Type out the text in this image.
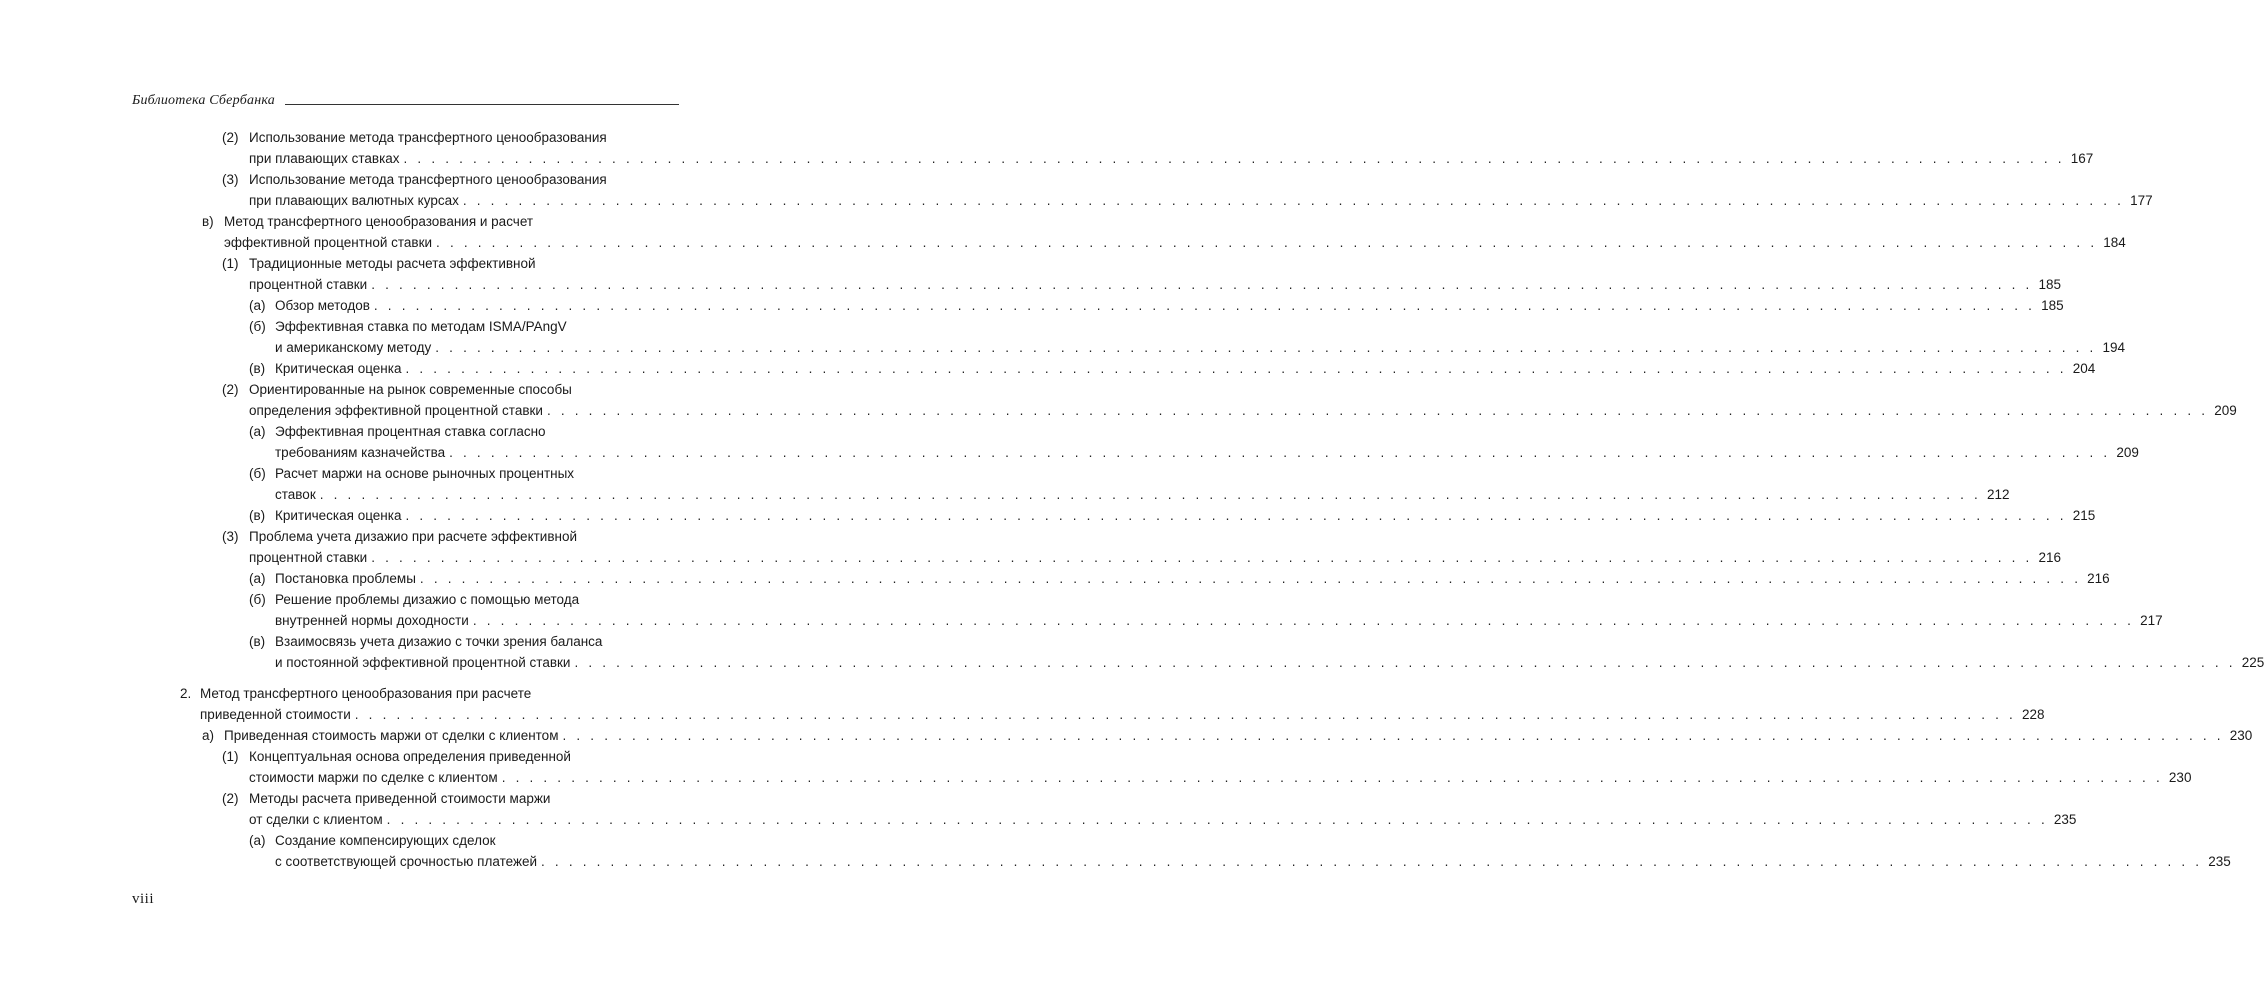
Библиотека Сбербанка
(2) Использование метода трансфертного ценообразования
при плавающих ставках . . . . . . . . . . . . . . . . . . . . . . . . . . . . . . . . . . . . . . . . . . . . . . . . . . . . . . . . . . . . . . . . . . . . . . . . . . . . . . . . . . . . . . . . . . . . . . . . . . . . . . . . . . . . . . . . . . . . . . . . 167
(3) Использование метода трансфертного ценообразования
при плавающих валютных курсах . . . . . . . . . . . . . . . . . . . . . . . . . . . . . . . . . . . . . . . . . . . . . . . . . . . . . . . . . . . . . . . . . . . . . . . . . . . . . . . . . . . . . . . . . . . . . . . . . . . . . . . . . . . . . . . . . . . . . . . . 177
в) Метод трансфертного ценообразования и расчет
эффективной процентной ставки . . . . . . . . . . . . . . . . . . . . . . . . . . . . . . . . . . . . . . . . . . . . . . . . . . . . . . . . . . . . . . . . . . . . . . . . . . . . . . . . . . . . . . . . . . . . . . . . . . . . . . . . . . . . . . . . . . . . . . . . 184
(1) Традиционные методы расчета эффективной
процентной ставки . . . . . . . . . . . . . . . . . . . . . . . . . . . . . . . . . . . . . . . . . . . . . . . . . . . . . . . . . . . . . . . . . . . . . . . . . . . . . . . . . . . . . . . . . . . . . . . . . . . . . . . . . . . . . . . . . . . . . . . . 185
(а) Обзор методов . . . . . . . . . . . . . . . . . . . . . . . . . . . . . . . . . . . . . . . . . . . . . . . . . . . . . . . . . . . . . . . . . . . . . . . . . . . . . . . . . . . . . . . . . . . . . . . . . . . . . . . . . . . . . . . . . . . . . . . . 185
(б) Эффективная ставка по методам ISMA/PAngV
и американскому методу . . . . . . . . . . . . . . . . . . . . . . . . . . . . . . . . . . . . . . . . . . . . . . . . . . . . . . . . . . . . . . . . . . . . . . . . . . . . . . . . . . . . . . . . . . . . . . . . . . . . . . . . . . . . . . . . . . . . . . . . 194
(в) Критическая оценка . . . . . . . . . . . . . . . . . . . . . . . . . . . . . . . . . . . . . . . . . . . . . . . . . . . . . . . . . . . . . . . . . . . . . . . . . . . . . . . . . . . . . . . . . . . . . . . . . . . . . . . . . . . . . . . . . . . . . . . . 204
(2) Ориентированные на рынок современные способы
определения эффективной процентной ставки . . . . . . . . . . . . . . . . . . . . . . . . . . . . . . . . . . . . . . . . . . . . . . . . . . . . . . . . . . . . . . . . . . . . . . . . . . . . . . . . . . . . . . . . . . . . . . . . . . . . . . . . . . . . . . . . . . . . . . . . 209
(а) Эффективная процентная ставка согласно
требованиям казначейства . . . . . . . . . . . . . . . . . . . . . . . . . . . . . . . . . . . . . . . . . . . . . . . . . . . . . . . . . . . . . . . . . . . . . . . . . . . . . . . . . . . . . . . . . . . . . . . . . . . . . . . . . . . . . . . . . . . . . . . . 209
(б) Расчет маржи на основе рыночных процентных
ставок . . . . . . . . . . . . . . . . . . . . . . . . . . . . . . . . . . . . . . . . . . . . . . . . . . . . . . . . . . . . . . . . . . . . . . . . . . . . . . . . . . . . . . . . . . . . . . . . . . . . . . . . . . . . . . . . . . . . . . . . 212
(в) Критическая оценка . . . . . . . . . . . . . . . . . . . . . . . . . . . . . . . . . . . . . . . . . . . . . . . . . . . . . . . . . . . . . . . . . . . . . . . . . . . . . . . . . . . . . . . . . . . . . . . . . . . . . . . . . . . . . . . . . . . . . . . . 215
(3) Проблема учета дизажио при расчете эффективной
процентной ставки . . . . . . . . . . . . . . . . . . . . . . . . . . . . . . . . . . . . . . . . . . . . . . . . . . . . . . . . . . . . . . . . . . . . . . . . . . . . . . . . . . . . . . . . . . . . . . . . . . . . . . . . . . . . . . . . . . . . . . . . 216
(а) Постановка проблемы . . . . . . . . . . . . . . . . . . . . . . . . . . . . . . . . . . . . . . . . . . . . . . . . . . . . . . . . . . . . . . . . . . . . . . . . . . . . . . . . . . . . . . . . . . . . . . . . . . . . . . . . . . . . . . . . . . . . . . . . 216
(б) Решение проблемы дизажио с помощью метода
внутренней нормы доходности . . . . . . . . . . . . . . . . . . . . . . . . . . . . . . . . . . . . . . . . . . . . . . . . . . . . . . . . . . . . . . . . . . . . . . . . . . . . . . . . . . . . . . . . . . . . . . . . . . . . . . . . . . . . . . . . . . . . . . . . 217
(в) Взаимосвязь учета дизажио с точки зрения баланса
и постоянной эффективной процентной ставки . . . . . . . . . . . . . . . . . . . . . . . . . . . . . . . . . . . . . . . . . . . . . . . . . . . . . . . . . . . . . . . . . . . . . . . . . . . . . . . . . . . . . . . . . . . . . . . . . . . . . . . . . . . . . . . . . . . . . . . . 225
2. Метод трансфертного ценообразования при расчете
приведенной стоимости . . . . . . . . . . . . . . . . . . . . . . . . . . . . . . . . . . . . . . . . . . . . . . . . . . . . . . . . . . . . . . . . . . . . . . . . . . . . . . . . . . . . . . . . . . . . . . . . . . . . . . . . . . . . . . . . . . . . . . . . 228
а) Приведенная стоимость маржи от сделки с клиентом . . . . . . . . . . . . . . . . . . . . . . . . . . . . . . . . . . . . . . . . . . . . . . . . . . . . . . . . . . . . . . . . . . . . . . . . . . . . . . . . . . . . . . . . . . . . . . . . . . . . . . . . . . . . . . . . . . . . . . . . 230
(1) Концептуальная основа определения приведенной
стоимости маржи по сделке с клиентом . . . . . . . . . . . . . . . . . . . . . . . . . . . . . . . . . . . . . . . . . . . . . . . . . . . . . . . . . . . . . . . . . . . . . . . . . . . . . . . . . . . . . . . . . . . . . . . . . . . . . . . . . . . . . . . . . . . . . . . . 230
(2) Методы расчета приведенной стоимости маржи
от сделки с клиентом . . . . . . . . . . . . . . . . . . . . . . . . . . . . . . . . . . . . . . . . . . . . . . . . . . . . . . . . . . . . . . . . . . . . . . . . . . . . . . . . . . . . . . . . . . . . . . . . . . . . . . . . . . . . . . . . . . . . . . . . 235
(а) Создание компенсирующих сделок
с соответствующей срочностью платежей . . . . . . . . . . . . . . . . . . . . . . . . . . . . . . . . . . . . . . . . . . . . . . . . . . . . . . . . . . . . . . . . . . . . . . . . . . . . . . . . . . . . . . . . . . . . . . . . . . . . . . . . . . . . . . . . . . . . . . . . 235
viii
